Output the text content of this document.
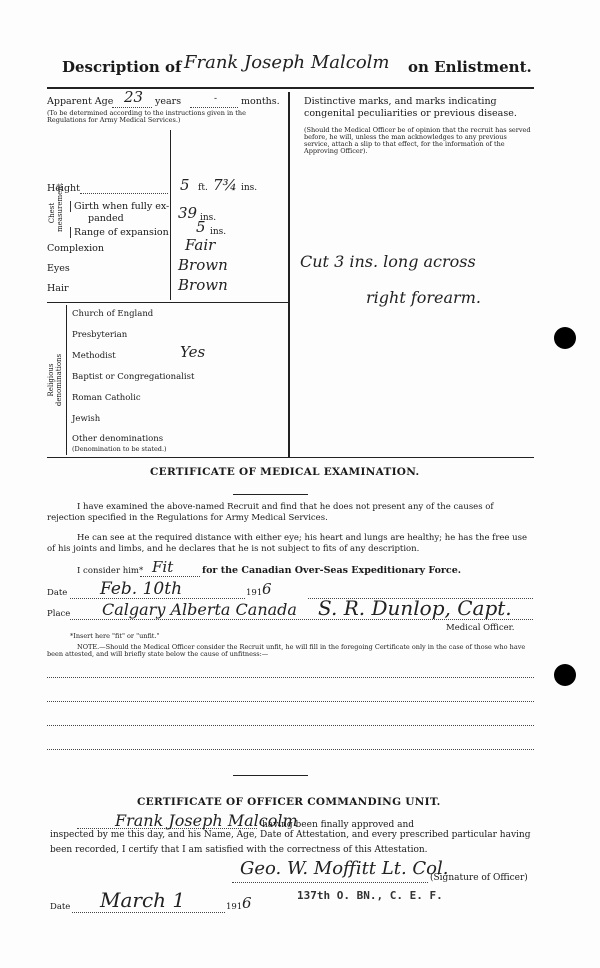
Description of Frank Joseph Malcolm on Enlistment.
Apparent Age 23 years	-	months.
(To be determined according to the instructions given in the Regulations for Army Medical Services.)
Height	5 ft. 7¾ ins.
Chest measurement	Girth when fully ex-
panded	39 ins.
Range of expansion 5 ins.
Complexion	Fair
Eyes	Brown
Hair	Brown
Religious denominations
Church of England
Presbyterian
Methodist	Yes
Baptist or Congregationalist
Roman Catholic
Jewish
Other denominations
(Denomination to be stated.)
Distinctive marks, and marks indicating congenital peculiarities or previous disease.
(Should the Medical Officer be of opinion that the recruit has served before, he will, unless the man acknowledges to any previous service, attach a slip to that effect, for the information of the Approving Officer).
Cut 3 ins. long across
right forearm.
CERTIFICATE OF MEDICAL EXAMINATION.
I have examined the above-named Recruit and find that he does not present any of the causes of rejection specified in the Regulations for Army Medical Services.
He can see at the required distance with either eye; his heart and lungs are healthy; he has the free use of his joints and limbs, and he declares that he is not subject to fits of any description.
I consider him* Fit	for the Canadian Over-Seas Expeditionary Force.
Date Feb. 10th	191 6
Place Calgary Alberta Canada S. R. Dunlop, Capt.
Medical Officer.
*Insert here "fit" or "unfit."
NOTE.—Should the Medical Officer consider the Recruit unfit, he will fill in the foregoing Certificate only in the case of those who have been attested, and will briefly state below the cause of unfitness:—
CERTIFICATE OF OFFICER COMMANDING UNIT.
Frank Joseph Malcolm
having been finally approved and
inspected by me this day, and his Name, Age, Date of Attestation, and every prescribed particular having
been recorded, I certify that I am satisfied with the correctness of this Attestation.
Geo. W. Moffitt Lt. Col.
(Signature of Officer)
137th O. BN., C. E. F.
Date March 1	191 6
